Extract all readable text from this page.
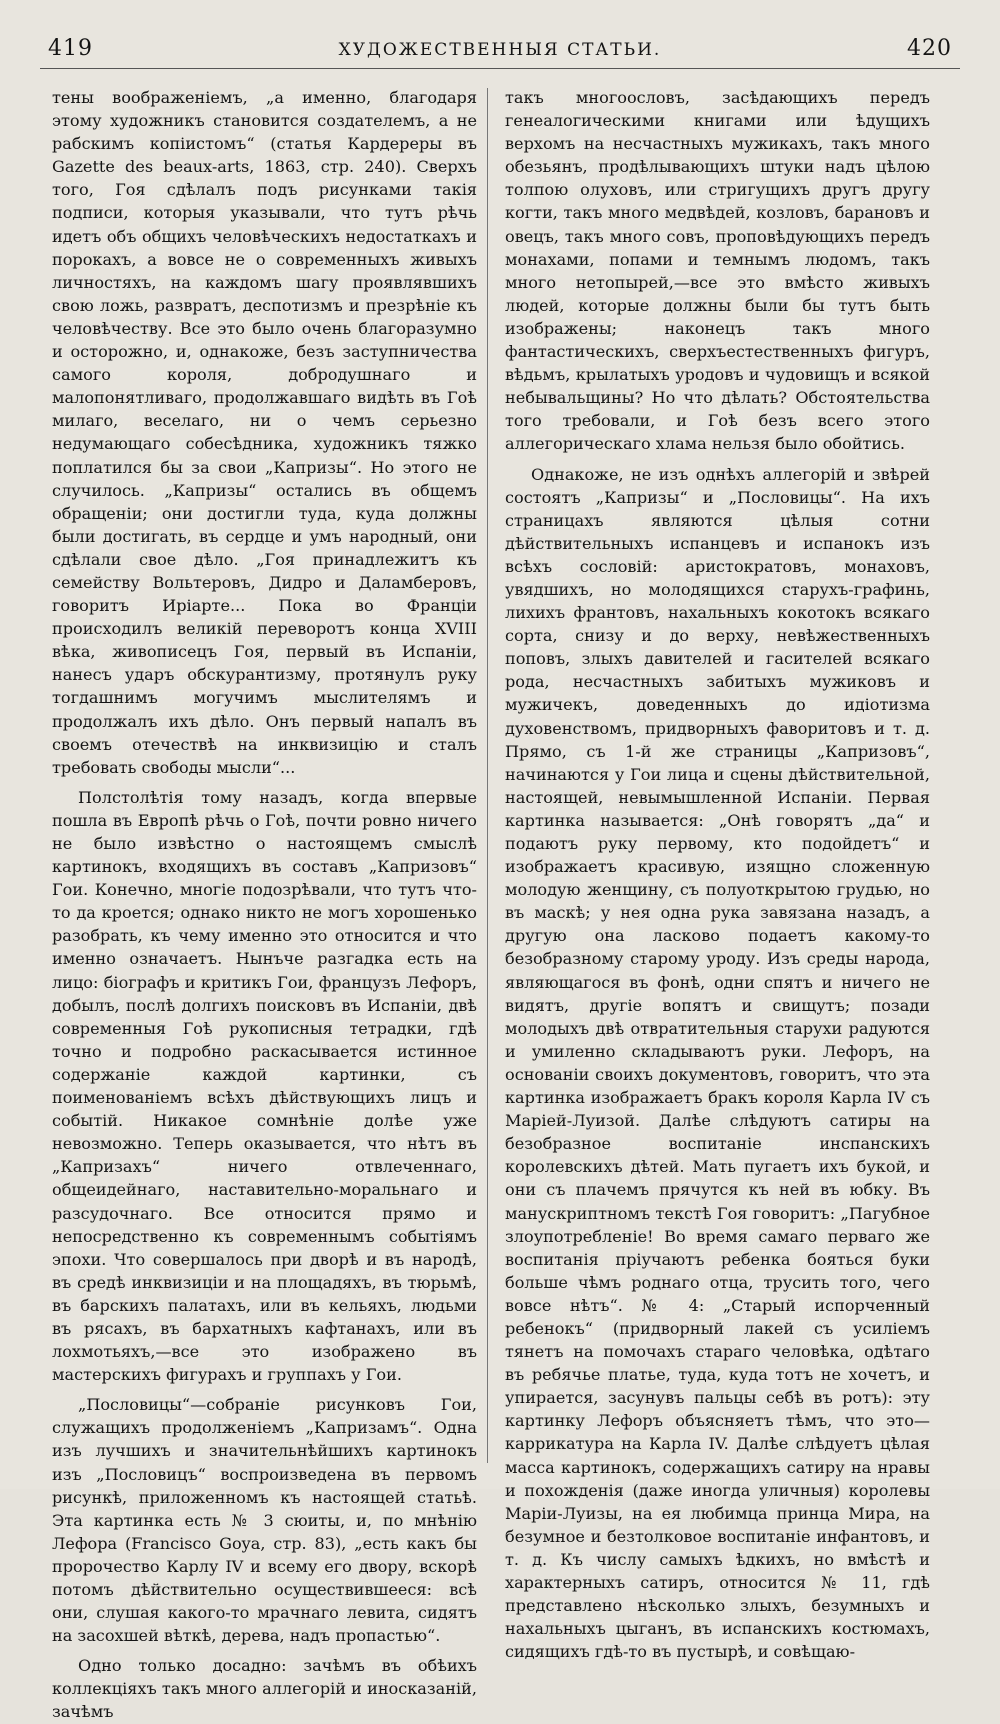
419	ХУДОЖЕСТВЕННЫЯ СТАТЬИ.	420

тены воображеніемъ, „а именно, благодаря этому художникъ становится создателемъ, а не рабскимъ копіистомъ“ (статья Кардереры въ Gazette des beaux-arts, 1863, стр. 240). Сверхъ того, Гоя сдѣлалъ подъ рисунками такія подписи, которыя указывали, что тутъ рѣчь идетъ объ общихъ человѣческихъ недостаткахъ и порокахъ, а вовсе не о современныхъ живыхъ личностяхъ, на каждомъ шагу проявлявшихъ свою ложь, развратъ, деспотизмъ и презрѣніе къ человѣчеству. Все это было очень благоразумно и осторожно, и, однакоже, безъ заступничества самого короля, добродушнаго и малопонятливаго, продолжавшаго видѣть въ Гоѣ милаго, веселаго, ни о чемъ серьезно недумающаго собесѣдника, художникъ тяжко поплатился бы за свои „Капризы“. Но этого не случилось. „Капризы“ остались въ общемъ обращеніи; они достигли туда, куда должны были достигать, въ сердце и умъ народный, они сдѣлали свое дѣло. „Гоя принадлежитъ къ семейству Вольтеровъ, Дидро и Даламберовъ, говоритъ Иріарте... Пока во Франціи происходилъ великій переворотъ конца XVIII вѣка, живописецъ Гоя, первый въ Испаніи, нанесъ ударъ обскурантизму, протянулъ руку тогдашнимъ могучимъ мыслителямъ и продолжалъ ихъ дѣло. Онъ первый напалъ въ своемъ отечествѣ на инквизицію и сталъ требовать свободы мысли“...

Полстолѣтія тому назадъ, когда впервые пошла въ Европѣ рѣчь о Гоѣ, почти ровно ничего не было извѣстно о настоящемъ смыслѣ картинокъ, входящихъ въ составъ „Капризовъ“ Гои. Конечно, многіе подозрѣвали, что тутъ что-то да кроется; однако никто не могъ хорошенько разобрать, къ чему именно это относится и что именно означаетъ. Нынъче разгадка есть на лицо: біографъ и критикъ Гои, французъ Лефоръ, добылъ, послѣ долгихъ поисковъ въ Испаніи, двѣ современныя Гоѣ рукописныя тетрадки, гдѣ точно и подробно раскасывается истинное содержаніе каждой картинки, съ поименованіемъ всѣхъ дѣйствующихъ лицъ и событій. Никакое сомнѣніе долѣе уже невозможно. Теперь оказывается, что нѣтъ въ „Капризахъ“ ничего отвлеченнаго, общеидейнаго, наставительно-моральнаго и разсудочнаго. Все относится прямо и непосредственно къ современнымъ событіямъ эпохи. Что совершалось при дворѣ и въ народѣ, въ средѣ инквизиціи и на площадяхъ, въ тюрьмѣ, въ барскихъ палатахъ, или въ кельяхъ, людьми въ рясахъ, въ бархатныхъ кафтанахъ, или въ лохмотьяхъ,—все это изображено въ мастерскихъ фигурахъ и группахъ у Гои.

„Пословицы“—собраніе рисунковъ Гои, служащихъ продолженіемъ „Капризамъ“. Одна изъ лучшихъ и значительнѣйшихъ картинокъ изъ „Пословицъ“ воспроизведена въ первомъ рисункѣ, приложенномъ къ настоящей статьѣ. Эта картинка есть № 3 сюиты, и, по мнѣнію Лефора (Francisco Goya, стр. 83), „есть какъ бы пророчество Карлу IV и всему его двору, вскорѣ потомъ дѣйствительно осуществившееся: всѣ они, слушая какого-то мрачнаго левита, сидятъ на засохшей вѣткѣ, дерева, надъ пропастью“.

Одно только досадно: зачѣмъ въ обѣихъ коллекціяхъ такъ много аллегорій и иносказаній, зачѣмъ

такъ многоословъ, засѣдающихъ передъ генеалогическими книгами или ѣдущихъ верхомъ на несчастныхъ мужикахъ, такъ много обезьянъ, продѣлывающихъ штуки надъ цѣлою толпою олуховъ, или стригущихъ другъ другу когти, такъ много медвѣдей, козловъ, барановъ и овецъ, такъ много совъ, проповѣдующихъ передъ монахами, попами и темнымъ людомъ, такъ много нетопырей,—все это вмѣсто живыхъ людей, которые должны были бы тутъ быть изображены; наконецъ такъ много фантастическихъ, сверхъестественныхъ фигуръ, вѣдьмъ, крылатыхъ уродовъ и чудовищъ и всякой небывальщины? Но что дѣлать? Обстоятельства того требовали, и Гоѣ безъ всего этого аллегорическаго хлама нельзя было обойтись.

Однакоже, не изъ однѣхъ аллегорій и звѣрей состоятъ „Капризы“ и „Пословицы“. На ихъ страницахъ являются цѣлыя сотни дѣйствительныхъ испанцевъ и испанокъ изъ всѣхъ сословій: аристократовъ, монаховъ, увядшихъ, но молодящихся старухъ-графинь, лихихъ франтовъ, нахальныхъ кокотокъ всякаго сорта, снизу и до верху, невѣжественныхъ поповъ, злыхъ давителей и гасителей всякаго рода, несчастныхъ забитыхъ мужиковъ и мужичекъ, доведенныхъ до идіотизма духовенствомъ, придворныхъ фаворитовъ и т. д. Прямо, съ 1-й же страницы „Капризовъ“, начинаются у Гои лица и сцены дѣйствительной, настоящей, невымышленной Испаніи. Первая картинка называется: „Онѣ говорятъ „да“ и подаютъ руку первому, кто подойдетъ“ и изображаетъ красивую, изящно сложенную молодую женщину, съ полуоткрытою грудью, но въ маскѣ; у нея одна рука завязана назадъ, а другую она ласково подаетъ какому-то безобразному старому уроду. Изъ среды народа, являющагося въ фонѣ, одни спятъ и ничего не видятъ, другіе вопятъ и свищутъ; позади молодыхъ двѣ отвратительныя старухи радуются и умиленно складываютъ руки. Лефоръ, на основаніи своихъ документовъ, говоритъ, что эта картинка изображаетъ бракъ короля Карла IV съ Маріей-Луизой. Далѣе слѣдуютъ сатиры на безобразное воспитаніе инспанскихъ королевскихъ дѣтей. Мать пугаетъ ихъ букой, и они съ плачемъ прячутся къ ней въ юбку. Въ манускриптномъ текстѣ Гоя говоритъ: „Пагубное злоупотребленіе! Во время самаго перваго же воспитанія пріучаютъ ребенка бояться буки больше чѣмъ роднаго отца, трусить того, чего вовсе нѣтъ“. № 4: „Старый испорченный ребенокъ“ (придворный лакей съ усиліемъ тянетъ на помочахъ стараго человѣка, одѣтаго въ ребячье платье, туда, куда тотъ не хочетъ, и упирается, засунувъ пальцы себѣ въ ротъ): эту картинку Лефоръ объясняетъ тѣмъ, что это—каррикатура на Карла IV. Далѣе слѣдуетъ цѣлая масса картинокъ, содержащихъ сатиру на нравы и похожденія (даже иногда уличныя) королевы Маріи-Луизы, на ея любимца принца Мира, на безумное и безтолковое воспитаніе инфантовъ, и т. д. Къ числу самыхъ ѣдкихъ, но вмѣстѣ и характерныхъ сатиръ, относится № 11, гдѣ представлено нѣсколько злыхъ, безумныхъ и нахальныхъ цыганъ, въ испанскихъ костюмахъ, сидящихъ гдѣ-то въ пустырѣ, и совѣщаю-
